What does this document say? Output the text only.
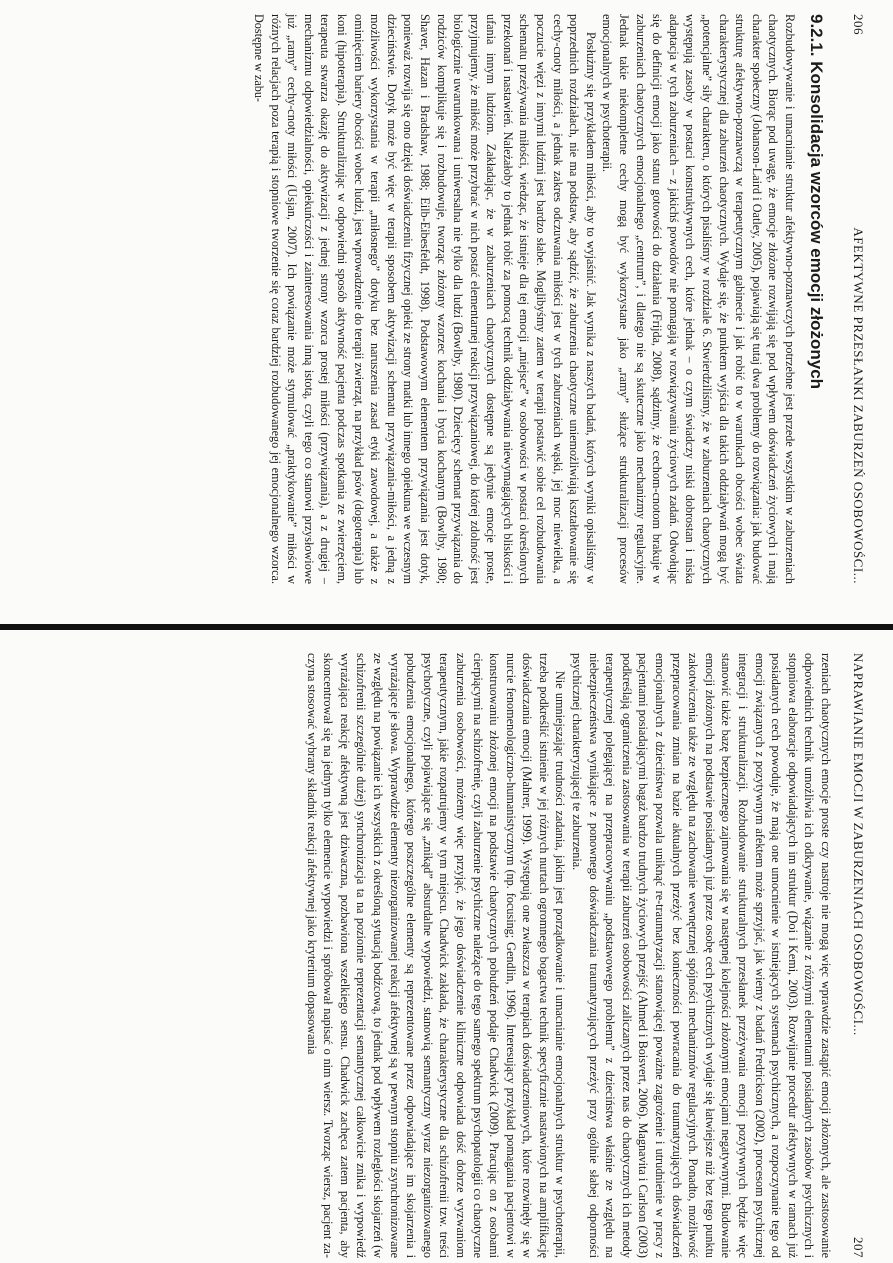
206
AFEKTYWNE PRZESŁANKI ZABURZEŃ OSOBOWOŚCI...
9.2.1. Konsolidacja wzorców emocji złożonych

Rozbudowywanie i umacnianie struktur afektywno-poznawczych potrzebne jest przede wszystkim w zaburzeniach chaotycznych. Biorąc pod uwagę, że emocje złożone rozwijają się pod wpływem doświadczeń życiowych i mają charakter społeczny (Johanson-Laird i Oatley, 2005), pojawiają się tutaj dwa problemy do rozwiązania: jak budować strukturę afektywno-poznawczą w terapeutycznym gabinecie i jak robić to w warunkach obcości wobec świata charakterystycznej dla zaburzeń chaotycznych. Wydaje się, że punktem wyjścia dla takich oddziaływań mogą być „potencjalne” siły charakteru, o których pisaliśmy w rozdziale 6. Stwierdziliśmy, że w zaburzeniach chaotycznych występują zasoby w postaci konstruktywnych cech, które jednak – o czym świadczy niski dobrostan i niska adaptacja w tych zaburzeniach – z jakichś powodów nie pomagają w rozwiązywaniu życiowych zadań. Odwołując się do definicji emocji jako stanu gotowości do działania (Frijda, 2008), sądzimy, że cechom-cnotom brakuje w zaburzeniach chaotycznych emocjonalnego „centrum”, i dlatego nie są skuteczne jako mechanizmy regulacyjne. Jednak takie niekompletne cechy mogą być wykorzystane jako „ramy” służące strukturalizacji procesów emocjonalnych w psychoterapii.

Posłużmy się przykładem miłości, aby to wyjaśnić. Jak wynika z naszych badań, których wyniki opisaliśmy w poprzednich rozdziałach, nie ma podstaw, aby sądzić, że zaburzenia chaotyczne uniemożliwiają kształtowanie się cechy-cnoty miłości, a jednak zakres odczuwania miłości jest w tych zaburzeniach wąski, jej moc niewielka, a poczucie więzi z innymi ludźmi jest bardzo słabe. Moglibyśmy zatem w terapii postawić sobie cel rozbudowania schematu przeżywania miłości, wiedząc, że istnieje dla tej emocji „miejsce” w osobowości w postaci określonych przekonań i nastawień. Należałoby to jednak robić za pomocą technik oddziaływania niewymagających bliskości i ufania innym ludziom. Zakładając, że w zaburzeniach chaotycznych dostępne są jedynie emocje proste, przyjmujemy, że miłość może przybrać w nich postać elementarnej reakcji przywiązaniowej, do której zdolność jest biologicznie uwarunkowana i uniwersalna nie tylko dla ludzi (Bowlby, 1980). Dziecięcy schemat przywiązania do rodziców komplikuje się i rozbudowuje, tworząc złożony wzorzec kochania i bycia kochanym (Bowlby, 1980; Shaver, Hazan i Bradshaw, 1988; Eilb-Eibesfeldt, 1998). Podstawowym elementem przywiązania jest dotyk, ponieważ rozwija się ono dzięki doświadczeniu fizycznej opieki ze strony matki lub innego opiekuna we wczesnym dzieciństwie. Dotyk może być więc w terapii sposobem aktywizacji schematu przywiązania-miłości, a jedną z możliwości wykorzystania w terapii „miłosnego” dotyku bez naruszenia zasad etyki zawodowej, a także z ominięciem bariery obcości wobec ludzi, jest wprowadzenie do terapii zwierząt, na przykład psów (dogoterapia) lub koni (hipoterapia). Strukturalizując w odpowiedni sposób aktywność pacjenta podczas spotkania ze zwierzęciem, terapeuta stwarza okazję do aktywizacji z jednej strony wzorca prostej miłości (przywiązania), a z drugiej – mechanizmu odpowiedzialności, opiekuńczości i zainteresowania inną istotą, czyli tego co stanowi przysłowiowe już „ramy” cechy-cnoty miłości (Usjan, 2007). Ich powiązanie może stymulować „praktykowanie” miłości w różnych relacjach poza terapią i stopniowe tworzenie się coraz bardziej rozbudowanego jej emocjonalnego wzorca. Dostępne w zabu-

NAPRAWIANIE EMOCJI W ZABURZENIACH OSOBOWOŚCI...
207

rzeniach chaotycznych emocje proste czy nastroje nie mogą więc wprawdzie zastąpić emocji złożonych, ale zastosowanie odpowiednich technik umożliwia ich odkrywanie, wiązanie z różnymi elementami posiadanych zasobów psychicznych i stopniowa elaboracje odpowiadających im struktur (Doi i Kemi, 2003). Rozwijanie procedur afektywnych w ramach już posiadanych cech powoduje, że mają one umocnienie w istniejących systemach psychicznych, a rozpoczynanie tego od emocji związanych z pozytywnym afektem może sprzyjać, jak wiemy z badań Fredrickson (2002), procesom psychicznej integracji i strukturalizacji. Rozbudowanie strukturalnych przesłanek przeżywania emocji pozytywnych będzie więc stanowić także bazę bezpiecznego zajmowania się w następnej kolejności złożonymi emocjami negatywnymi. Budowanie emocji złożonych na podstawie posiadanych już przez osobę cech psychicznych wydaje się łatwiejsze niż bez tego punktu zakotwiczenia także ze względu na zachowanie wewnętrznej spójności mechanizmów regulacyjnych. Ponadto, możliwość przepracowania zmian na bazie aktualnych przeżyć bez konieczności powracania do traumatyzujących doświadczeń emocjonalnych z dzieciństwa pozwala uniknąć re-traumatyzacji stanowiącej poważne zagrożenie i utrudnienie w pracy z pacjentami posiadającymi bagaż bardzo trudnych życiowych przejść (Ahmed i Boisvert, 2006). Magnavita i Carlson (2003) podkreślają ograniczenia zastosowania w terapii zaburzeń osobowości zaliczanych przez nas do chaotycznych ich metody terapeutycznej polegającej na przepracowywaniu „podstawowego problemu” z dzieciństwa właśnie ze względu na niebezpieczeństwa wynikające z ponownego doświadczania traumatyzujących przeżyć przy ogólnie słabej odporności psychicznej charakteryzującej te zaburzenia.

Nie umniejszając trudności zadania, jakim jest porządkowanie i umacnianie emocjonalnych struktur w psychoterapii, trzeba podkreślić istnienie w jej różnych nurtach ogromnego bogactwa technik specyficznie nastawionych na amplifikację doświadczania emocji (Mahrer, 1999). Występują one zwłaszcza w terapiach doświadczeniowych, które rozwinęły się w nurcie fenomenologiczno-humanistycznym (np. focusing; Gendlin, 1996). Interesujący przykład pomagania pacjentowi w konstruowaniu złożonej emocji na podstawie chaotycznych pobudzeń podaje Chadwick (2009). Pracując on z osobami cierpiącymi na schizofrenię, czyli zaburzenie psychiczne należące do tego samego spektrum psychopatologii co chaotyczne zaburzenia osobowości, możemy więc przyjąć, że jego doświadczenie kliniczne odpowiada dość dobrze wyzwaniom terapeutycznym, jakie rozpatrujemy w tym miejscu. Chadwick zakłada, że charakterystyczne dla schizofrenii tzw. treści psychotyczne, czyli pojawiające się „znikąd” absurdalne wypowiedzi, stanowią semantyczny wyraz niezorganizowanego pobudzenia emocjonalnego, którego poszczególne elementy są reprezentowane przez odpowiadające im skojarzenia i wyrażające je słowa. Wyprawdzie elementy niezorganizowanej reakcji afektywnej są w pewnym stopniu zsynchronizowane ze względu na powiązanie ich wszystkich z określoną sytuacją bodźcową, to jednak pod wpływem rozległości skojarzeń (w schizofrenii szczególnie dużej) synchronizacja ta na poziomie reprezentacji semantycznej całkowicie znika i wypowiedź wyrażająca reakcję afektywną jest dziwaczna, pozbawiona wszelkiego sensu. Chadwick zachęca zatem pacjenta, aby skoncentrował się na jednym tylko elemencie wypowiedzi i spróbował napisać o nim wiersz. Tworząc wiersz, pacjent zaczyna stosować wybrany składnik reakcji afektywnej jako kryterium dopasowania
